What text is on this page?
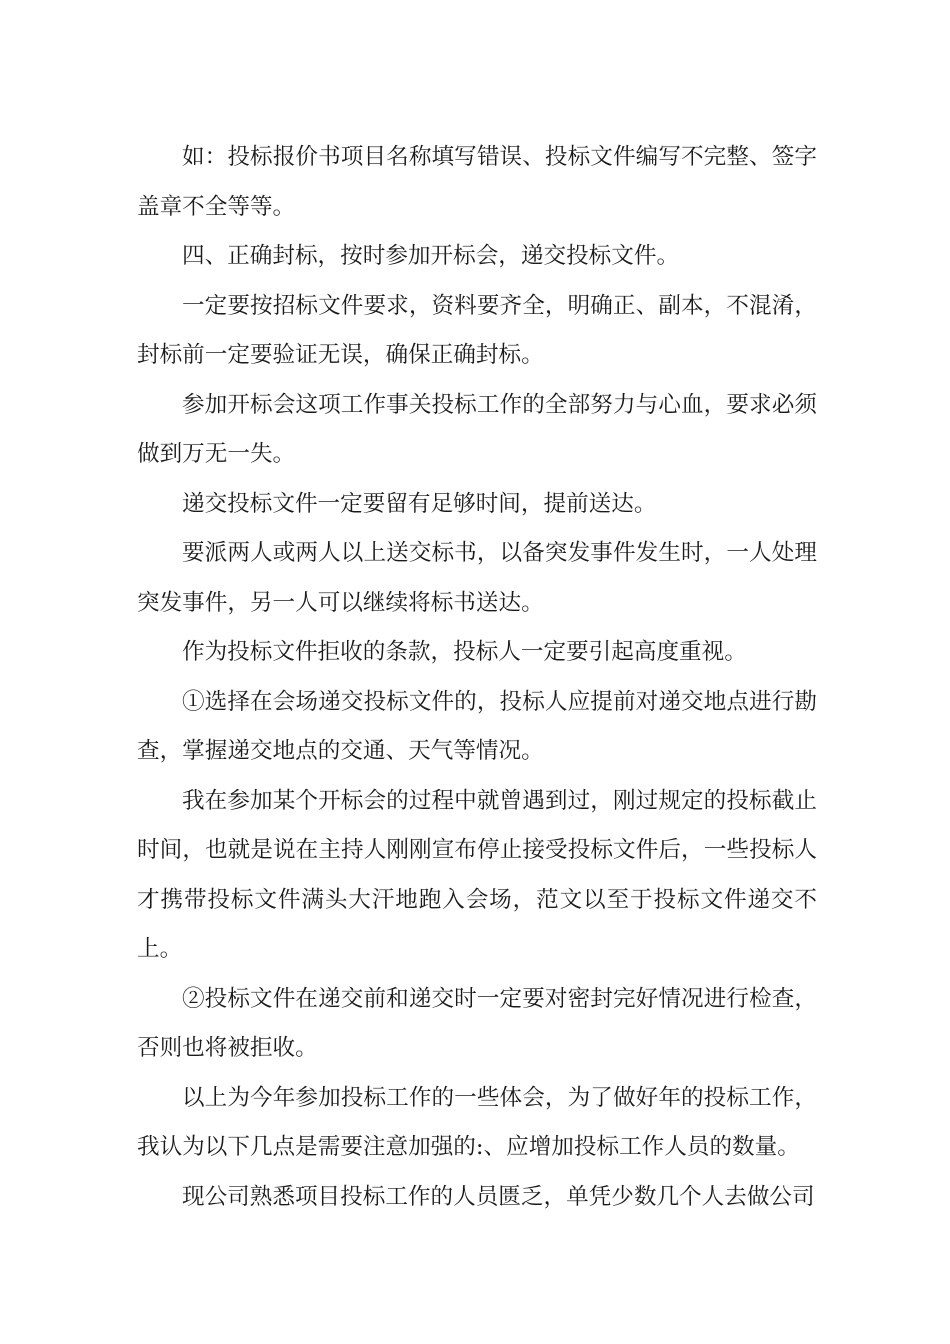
如：投标报价书项目名称填写错误、投标文件编写不完整、签字盖章不全等等。

四、正确封标，按时参加开标会，递交投标文件。

一定要按招标文件要求，资料要齐全，明确正、副本，不混淆，封标前一定要验证无误，确保正确封标。

参加开标会这项工作事关投标工作的全部努力与心血，要求必须做到万无一失。

递交投标文件一定要留有足够时间，提前送达。

要派两人或两人以上送交标书，以备突发事件发生时，一人处理突发事件，另一人可以继续将标书送达。

作为投标文件拒收的条款，投标人一定要引起高度重视。

①选择在会场递交投标文件的，投标人应提前对递交地点进行勘查，掌握递交地点的交通、天气等情况。

我在参加某个开标会的过程中就曾遇到过，刚过规定的投标截止时间，也就是说在主持人刚刚宣布停止接受投标文件后，一些投标人才携带投标文件满头大汗地跑入会场，范文以至于投标文件递交不上。

②投标文件在递交前和递交时一定要对密封完好情况进行检查，否则也将被拒收。

以上为今年参加投标工作的一些体会，为了做好年的投标工作，我认为以下几点是需要注意加强的:、应增加投标工作人员的数量。

现公司熟悉项目投标工作的人员匮乏，单凭少数几个人去做公司
